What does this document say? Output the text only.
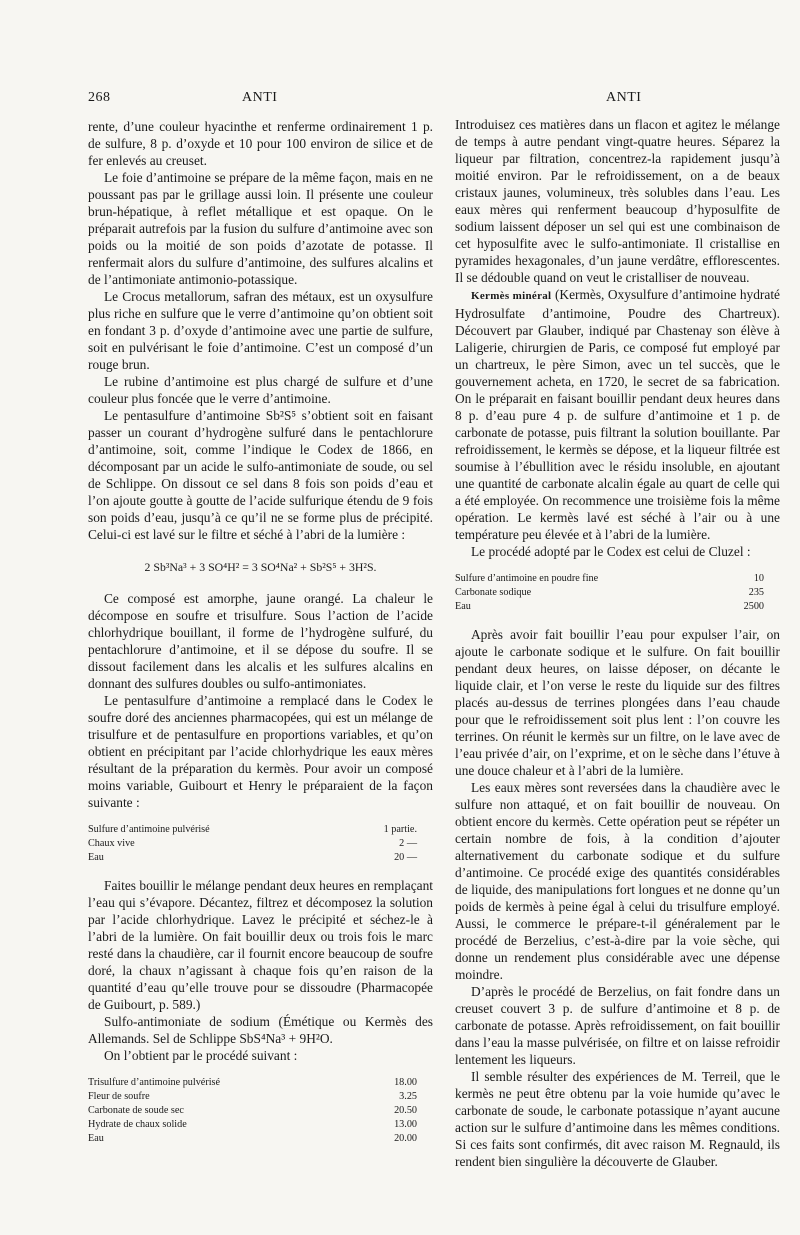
268	ANTI	ANTI

rente, d’une couleur hyacinthe et renferme ordinairement 1 p. de sulfure, 8 p. d’oxyde et 10 pour 100 environ de silice et de fer enlevés au creuset.

Le foie d’antimoine se prépare de la même façon, mais en ne poussant pas par le grillage aussi loin. Il présente une couleur brun-hépatique, à reflet métallique et est opaque. On le préparait autrefois par la fusion du sulfure d’antimoine avec son poids ou la moitié de son poids d’azotate de potasse. Il renfermait alors du sulfure d’antimoine, des sulfures alcalins et de l’antimoniate antimonio-potassique.

Le Crocus metallorum, safran des métaux, est un oxysulfure plus riche en sulfure que le verre d’antimoine qu’on obtient soit en fondant 3 p. d’oxyde d’antimoine avec une partie de sulfure, soit en pulvérisant le foie d’antimoine. C’est un composé d’un rouge brun.

Le rubine d’antimoine est plus chargé de sulfure et d’une couleur plus foncée que le verre d’antimoine.

Le pentasulfure d’antimoine Sb²S⁵ s’obtient soit en faisant passer un courant d’hydrogène sulfuré dans le pentachlorure d’antimoine, soit, comme l’indique le Codex de 1866, en décomposant par un acide le sulfo-antimoniate de soude, ou sel de Schlippe. On dissout ce sel dans 8 fois son poids d’eau et l’on ajoute goutte à goutte de l’acide sulfurique étendu de 9 fois son poids d’eau, jusqu’à ce qu’il ne se forme plus de précipité. Celui-ci est lavé sur le filtre et séché à l’abri de la lumière :

2 Sb³Na³ + 3 SO⁴H² = 3 SO⁴Na² + Sb²S⁵ + 3H²S.

Ce composé est amorphe, jaune orangé. La chaleur le décompose en soufre et trisulfure. Sous l’action de l’acide chlorhydrique bouillant, il forme de l’hydrogène sulfuré, du pentachlorure d’antimoine, et il se dépose du soufre. Il se dissout facilement dans les alcalis et les sulfures alcalins en donnant des sulfures doubles ou sulfo-antimoniates.

Le pentasulfure d’antimoine a remplacé dans le Codex le soufre doré des anciennes pharmacopées, qui est un mélange de trisulfure et de pentasulfure en proportions variables, et qu’on obtient en précipitant par l’acide chlorhydrique les eaux mères résultant de la préparation du kermès. Pour avoir un composé moins variable, Guibourt et Henry le préparaient de la façon suivante :

Sulfure d’antimoine pulvérisé	1 partie.
Chaux vive	2 —
Eau	20 —

Faites bouillir le mélange pendant deux heures en remplaçant l’eau qui s’évapore. Décantez, filtrez et décomposez la solution par l’acide chlorhydrique. Lavez le précipité et séchez-le à l’abri de la lumière. On fait bouillir deux ou trois fois le marc resté dans la chaudière, car il fournit encore beaucoup de soufre doré, la chaux n’agissant à chaque fois qu’en raison de la quantité d’eau qu’elle trouve pour se dissoudre (Pharmacopée de Guibourt, p. 589.)

Sulfo-antimoniate de sodium (Émétique ou Kermès des Allemands. Sel de Schlippe SbS⁴Na³ + 9H²O.

On l’obtient par le procédé suivant :

Trisulfure d’antimoine pulvérisé	18.00
Fleur de soufre	3.25
Carbonate de soude sec	20.50
Hydrate de chaux solide	13.00
Eau	20.00

Introduisez ces matières dans un flacon et agitez le mélange de temps à autre pendant vingt-quatre heures. Séparez la liqueur par filtration, concentrez-la rapidement jusqu’à moitié environ. Par le refroidissement, on a de beaux cristaux jaunes, volumineux, très solubles dans l’eau. Les eaux mères qui renferment beaucoup d’hyposulfite de sodium laissent déposer un sel qui est une combinaison de cet hyposulfite avec le sulfo-antimoniate. Il cristallise en pyramides hexagonales, d’un jaune verdâtre, efflorescentes. Il se dédouble quand on veut le cristalliser de nouveau.

Kermès minéral (Kermès, Oxysulfure d’antimoine hydraté Hydrosulfate d’antimoine, Poudre des Chartreux). Découvert par Glauber, indiqué par Chastenay son élève à Laligerie, chirurgien de Paris, ce composé fut employé par un chartreux, le père Simon, avec un tel succès, que le gouvernement acheta, en 1720, le secret de sa fabrication. On le préparait en faisant bouillir pendant deux heures dans 8 p. d’eau pure 4 p. de sulfure d’antimoine et 1 p. de carbonate de potasse, puis filtrant la solution bouillante. Par refroidissement, le kermès se dépose, et la liqueur filtrée est soumise à l’ébullition avec le résidu insoluble, en ajoutant une quantité de carbonate alcalin égale au quart de celle qui a été employée. On recommence une troisième fois la même opération. Le kermès lavé est séché à l’air ou à une température peu élevée et à l’abri de la lumière.

Le procédé adopté par le Codex est celui de Cluzel :

Sulfure d’antimoine en poudre fine	10
Carbonate sodique	235
Eau	2500

Après avoir fait bouillir l’eau pour expulser l’air, on ajoute le carbonate sodique et le sulfure. On fait bouillir pendant deux heures, on laisse déposer, on décante le liquide clair, et l’on verse le reste du liquide sur des filtres placés au-dessus de terrines plongées dans l’eau chaude pour que le refroidissement soit plus lent : l’on couvre les terrines. On réunit le kermès sur un filtre, on le lave avec de l’eau privée d’air, on l’exprime, et on le sèche dans l’étuve à une douce chaleur et à l’abri de la lumière.

Les eaux mères sont reversées dans la chaudière avec le sulfure non attaqué, et on fait bouillir de nouveau. On obtient encore du kermès. Cette opération peut se répéter un certain nombre de fois, à la condition d’ajouter alternativement du carbonate sodique et du sulfure d’antimoine. Ce procédé exige des quantités considérables de liquide, des manipulations fort longues et ne donne qu’un poids de kermès à peine égal à celui du trisulfure employé. Aussi, le commerce le prépare-t-il généralement par le procédé de Berzelius, c’est-à-dire par la voie sèche, qui donne un rendement plus considérable avec une dépense moindre.

D’après le procédé de Berzelius, on fait fondre dans un creuset couvert 3 p. de sulfure d’antimoine et 8 p. de carbonate de potasse. Après refroidissement, on fait bouillir dans l’eau la masse pulvérisée, on filtre et on laisse refroidir lentement les liqueurs.

Il semble résulter des expériences de M. Terreil, que le kermès ne peut être obtenu par la voie humide qu’avec le carbonate de soude, le carbonate potassique n’ayant aucune action sur le sulfure d’antimoine dans les mêmes conditions. Si ces faits sont confirmés, dit avec raison M. Regnauld, ils rendent bien singulière la découverte de Glauber.
